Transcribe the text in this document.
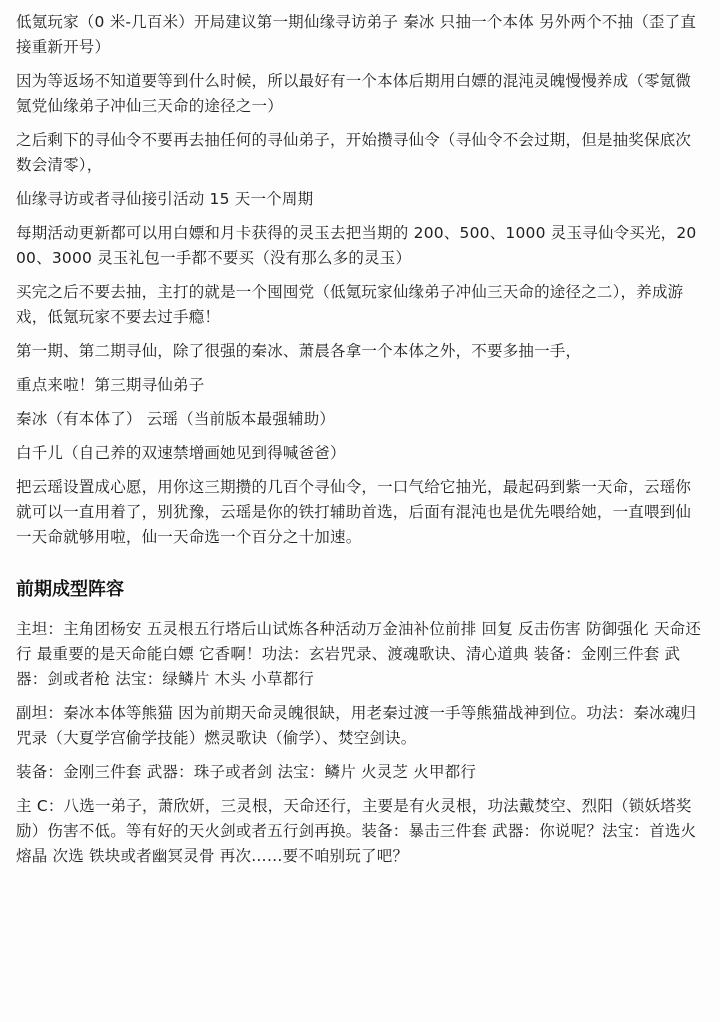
低氪玩家（0 米-几百米）开局建议第一期仙缘寻访弟子 秦冰 只抽一个本体 另外两个不抽（歪了直接重新开号）

因为等返场不知道要等到什么时候，所以最好有一个本体后期用白嫖的混沌灵魄慢慢养成（零氪微氪党仙缘弟子冲仙三天命的途径之一）

之后剩下的寻仙令不要再去抽任何的寻仙弟子，开始攒寻仙令（寻仙令不会过期，但是抽奖保底次数会清零），

仙缘寻访或者寻仙接引活动 15 天一个周期

每期活动更新都可以用白嫖和月卡获得的灵玉去把当期的 200、500、1000 灵玉寻仙令买光，2000、3000 灵玉礼包一手都不要买（没有那么多的灵玉）

买完之后不要去抽，主打的就是一个囤囤党（低氪玩家仙缘弟子冲仙三天命的途径之二），养成游戏，低氪玩家不要去过手瘾！

第一期、第二期寻仙，除了很强的秦冰、萧晨各拿一个本体之外，不要多抽一手，

重点来啦！第三期寻仙弟子

秦冰（有本体了） 云瑶（当前版本最强辅助）

白千儿（自己养的双速禁增画她见到得喊爸爸）

把云瑶设置成心愿，用你这三期攒的几百个寻仙令，一口气给它抽光，最起码到紫一天命，云瑶你就可以一直用着了，别犹豫，云瑶是你的铁打辅助首选，后面有混沌也是优先喂给她，一直喂到仙一天命就够用啦，仙一天命选一个百分之十加速。

前期成型阵容

主坦：主角团杨安 五灵根五行塔后山试炼各种活动万金油补位前排 回复 反击伤害 防御强化 天命还行 最重要的是天命能白嫖 它香啊！功法：玄岩咒录、渡魂歌诀、清心道典 装备：金刚三件套 武器：剑或者枪 法宝：绿鳞片 木头 小草都行

副坦：秦冰本体等熊猫 因为前期天命灵魄很缺，用老秦过渡一手等熊猫战神到位。功法：秦冰魂归咒录（大夏学宫偷学技能）燃灵歌诀（偷学）、焚空剑诀。

装备：金刚三件套 武器：珠子或者剑 法宝：鳞片 火灵芝 火甲都行

主 C：八选一弟子，萧欣妍，三灵根，天命还行，主要是有火灵根，功法戴焚空、烈阳（锁妖塔奖励）伤害不低。等有好的天火剑或者五行剑再换。装备：暴击三件套 武器：你说呢？法宝：首选火熔晶 次选 铁块或者幽冥灵骨 再次……要不咱别玩了吧？
